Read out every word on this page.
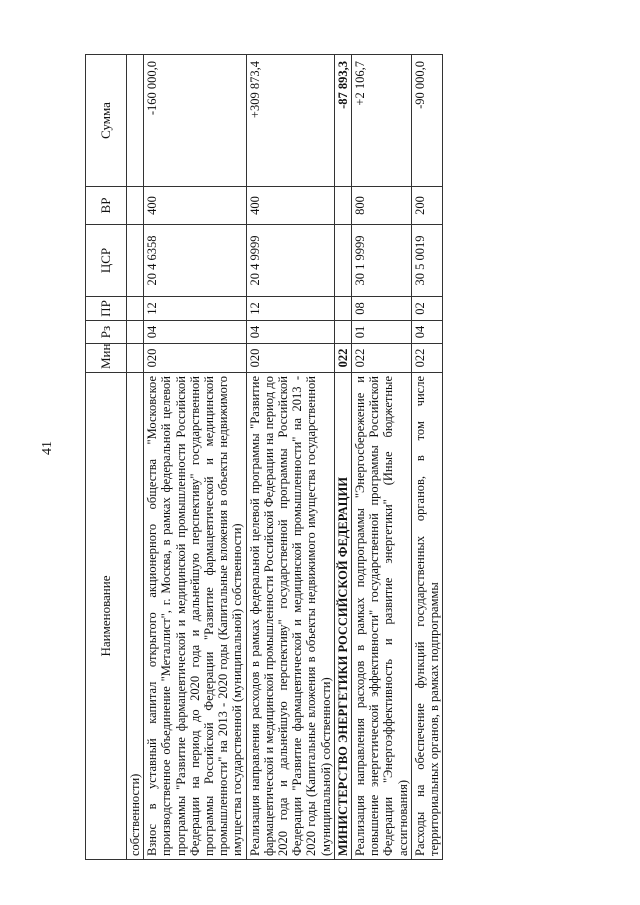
41
Наименование	Мин	Рз	ПР	ЦСР	ВР	Сумма
собственности)						
Взнос в уставный капитал открытого акционерного общества "Московское производственное объединение "Металлист", г. Москва, в рамках федеральной целевой программы "Развитие фармацевтической и медицинской промышленности Российской Федерации на период до 2020 года и дальнейшую перспективу" государственной программы Российской Федерации "Развитие фармацевтической и медицинской промышленности" на 2013 - 2020 годы (Капитальные вложения в объекты недвижимого имущества государственной (муниципальной) собственности)	020	04	12	20 4 6358	400	-160 000,0
Реализация направления расходов в рамках федеральной целевой программы "Развитие фармацевтической и медицинской промышленности Российской Федерации на период до 2020 года и дальнейшую перспективу" государственной программы Российской Федерации "Развитие фармацевтической и медицинской промышленности" на 2013 - 2020 годы (Капитальные вложения в объекты недвижимого имущества государственной (муниципальной) собственности)	020	04	12	20 4 9999	400	+309 873,4
МИНИСТЕРСТВО ЭНЕРГЕТИКИ РОССИЙСКОЙ ФЕДЕРАЦИИ	022					-87 893,3
Реализация направления расходов в рамках подпрограммы "Энергосбережение и повышение энергетической эффективности" государственной программы Российской Федерации "Энергоэффективность и развитие энергетики" (Иные бюджетные ассигнования)	022	01	08	30 1 9999	800	+2 106,7
Расходы на обеспечение функций государственных органов, в том числе территориальных органов, в рамках подпрограммы	022	04	02	30 5 0019	200	-90 000,0
